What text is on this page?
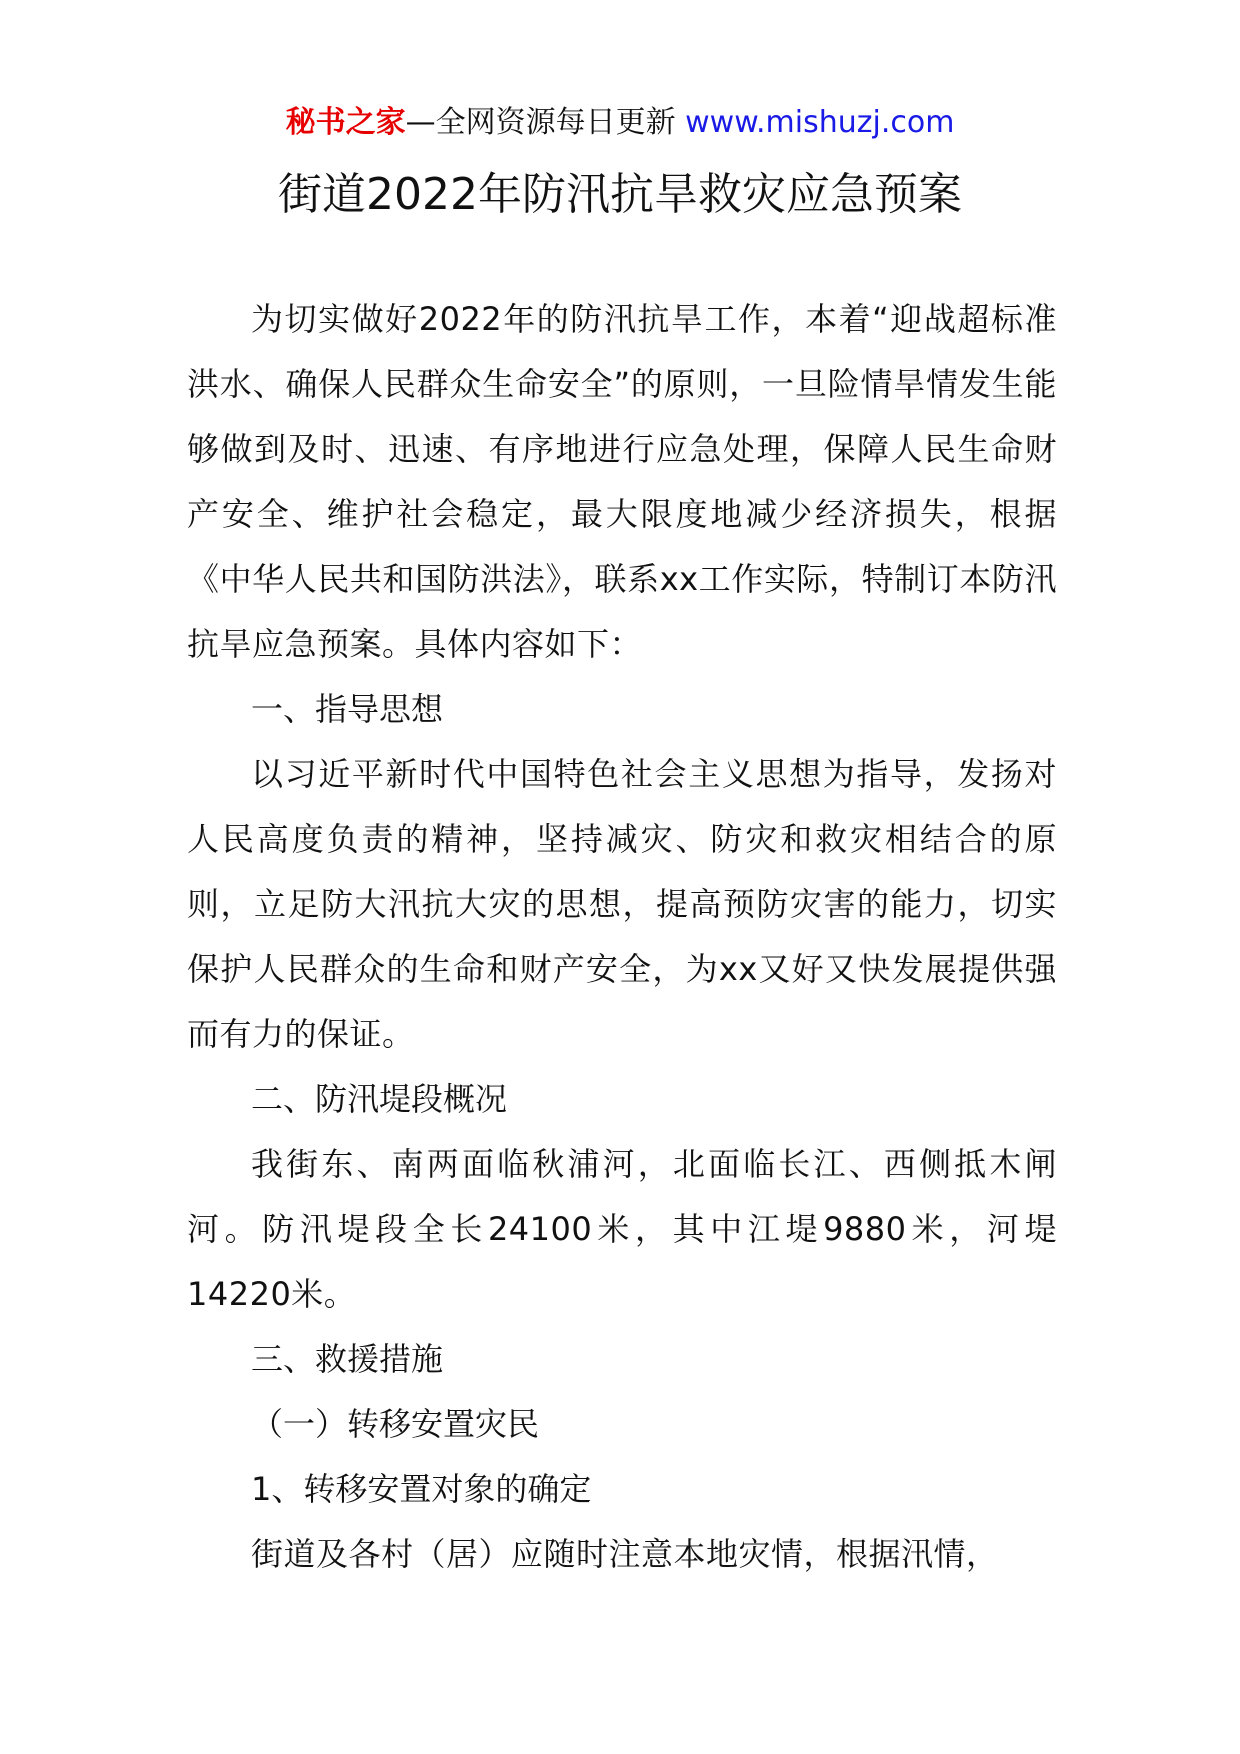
秘书之家—全网资源每日更新 www.mishuzj.com
街道2022年防汛抗旱救灾应急预案

为切实做好2022年的防汛抗旱工作，本着“迎战超标准洪水、确保人民群众生命安全”的原则，一旦险情旱情发生能够做到及时、迅速、有序地进行应急处理，保障人民生命财产安全、维护社会稳定，最大限度地减少经济损失，根据《中华人民共和国防洪法》，联系xx工作实际，特制订本防汛抗旱应急预案。具体内容如下：

一、指导思想

以习近平新时代中国特色社会主义思想为指导，发扬对人民高度负责的精神，坚持减灾、防灾和救灾相结合的原则，立足防大汛抗大灾的思想，提高预防灾害的能力，切实保护人民群众的生命和财产安全，为xx又好又快发展提供强而有力的保证。

二、防汛堤段概况

我街东、南两面临秋浦河，北面临长江、西侧抵木闸河。防汛堤段全长24100米，其中江堤9880米，河堤14220米。

三、救援措施

（一）转移安置灾民

1、转移安置对象的确定

街道及各村（居）应随时注意本地灾情，根据汛情，
